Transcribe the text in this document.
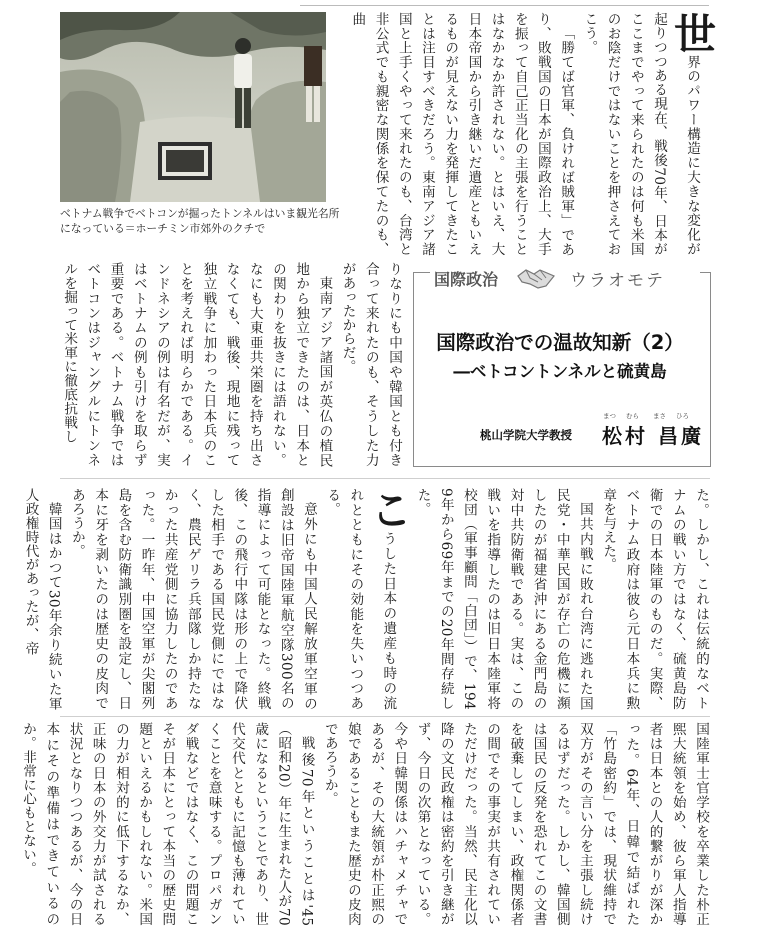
ベトナム戦争でベトコンが掘ったトンネルはいま観光名所
になっている＝ホーチミン市郊外のクチで

世界のパワー構造に大きな変化が起りつつある現在、戦後70年、日本がここまでやって来られたのは何も米国のお陰だけではないことを押さえておこう。

「勝てば官軍、負ければ賊軍」であり、敗戦国の日本が国際政治上、大手を振って自己正当化の主張を行うことはなかなか許されない。とはいえ、大日本帝国から引き継いだ遺産ともいえるものが見えない力を発揮してきたことは注目すべきだろう。東南アジア諸国と上手くやって来れたのも、台湾と非公式でも親密な関係を保てたのも、曲

りなりにも中国や韓国とも付き合って来れたのも、そうした力があったからだ。

東南アジア諸国が英仏の植民地から独立できたのは、日本との関わりを抜きには語れない。なにも大東亜共栄圏を持ち出さなくても、戦後、現地に残って独立戦争に加わった日本兵のことを考えれば明らかである。インドネシアの例は有名だが、実はベトナムの例も引けを取らず重要である。ベトナム戦争ではベトコンはジャングルにトンネルを掘って米軍に徹底抗戦し	国際政治	ウラオモテ
国際政治での温故知新（2）
―ベトコントンネルと硫黄島
桃山学院大学教授
まつ むら まさ ひろ
松村 昌廣

た。しかし、これは伝統的なベトナムの戦い方ではなく、硫黄島防衛での日本陸軍のものだ。実際、ベトナム政府は彼ら元日本兵に勲章を与えた。

国共内戦に敗れ台湾に逃れた国民党・中華民国が存亡の危機に瀕したのが福建省沖にある金門島の対中共防衛戦である。実は、この戦いを指導したのは旧日本陸軍将校団（軍事顧問「白団」）で、1949年から69年までの20年間存続した。

こうした日本の遺産も時の流れとともにその効能を失いつつある。

意外にも中国人民解放軍空軍の創設は旧帝国陸軍航空隊300名の指導によって可能となった。終戦後、この飛行中隊は形の上で降伏した相手である国民党側にではなく、農民ゲリラ兵部隊しか持たなかった共産党側に協力したのであった。一昨年、中国空軍が尖閣列島を含む防衛識別圏を設定し、日本に牙を剥いたのは歴史の皮肉であろうか。

韓国はかつて30年余り続いた軍人政権時代があったが、帝

国陸軍士官学校を卒業した朴正煕大統領を始め、彼ら軍人指導者は日本との人的繋がりが深かった。64年、日韓で結ばれた「竹島密約」では、現状維持で双方がその言い分を主張し続けるはずだった。しかし、韓国側は国民の反発を恐れてこの文書を破棄してしまい、政権関係者の間でその事実が共有されていただけだった。当然、民主化以降の文民政権は密約を引き継がず、今日の次第となっている。今や日韓関係はハチャメチャであるが、その大統領が朴正煕の娘であることもまた歴史の皮肉であろうか。

戦後70年ということは'45（昭和20）年に生まれた人が70歳になるということであり、世代交代とともに記憶も薄れていくことを意味する。プロパガンダ戦などではなく、この問題こそが日本にとって本当の歴史問題といえるかもしれない。米国の力が相対的に低下するなか、正味の日本の外交力が試される状況となりつつあるが、今の日本にその準備はできているのか。非常に心もとない。
